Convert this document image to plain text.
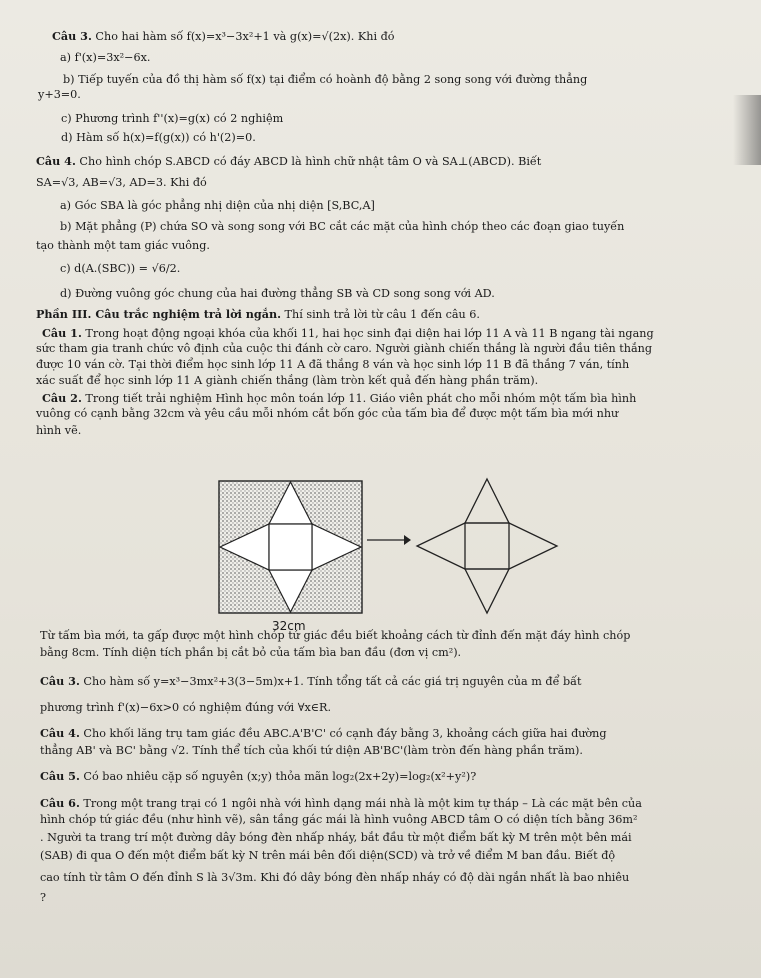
Câu 3. Cho hai hàm số f(x)=x³−3x²+1 và g(x)=√(2x). Khi đó
a) f'(x)=3x²−6x.
b) Tiếp tuyến của đồ thị hàm số f(x) tại điểm có hoành độ bằng 2 song song với đường thẳng
y+3=0.
c) Phương trình f''(x)=g(x) có 2 nghiệm
d) Hàm số h(x)=f(g(x)) có h'(2)=0.
Câu 4. Cho hình chóp S.ABCD có đáy ABCD là hình chữ nhật tâm O và SA⊥(ABCD). Biết
SA=√3, AB=√3, AD=3. Khi đó
a) Góc SBA là góc phẳng nhị diện của nhị diện [S,BC,A]
b) Mặt phẳng (P) chứa SO và song song với BC cắt các mặt của hình chóp theo các đoạn giao tuyến
tạo thành một tam giác vuông.
c) d(A.(SBC)) = √6/2.
d) Đường vuông góc chung của hai đường thẳng SB và CD song song với AD.
Phần III. Câu trắc nghiệm trả lời ngắn. Thí sinh trả lời từ câu 1 đến câu 6.
Câu 1. Trong hoạt động ngoại khóa của khối 11, hai học sinh đại diện hai lớp 11 A và 11 B ngang tài ngang
sức tham gia tranh chức vô định của cuộc thi đánh cờ caro. Người giành chiến thắng là người đầu tiên thắng
được 10 ván cờ. Tại thời điểm học sinh lớp 11 A đã thắng 8 ván và học sinh lớp 11 B đã thắng 7 ván, tính
xác suất để học sinh lớp 11 A giành chiến thắng (làm tròn kết quả đến hàng phần trăm).
Câu 2. Trong tiết trải nghiệm Hình học môn toán lớp 11. Giáo viên phát cho mỗi nhóm một tấm bìa hình
vuông có cạnh bằng 32cm và yêu cầu mỗi nhóm cắt bốn góc của tấm bìa để được một tấm bìa mới như
hình vẽ.
Từ tấm bìa mới, ta gấp được một hình chóp tứ giác đều biết khoảng cách từ đỉnh đến mặt đáy hình chóp
bằng 8cm. Tính diện tích phần bị cắt bỏ của tấm bìa ban đầu (đơn vị cm²).
Câu 3. Cho hàm số y=x³−3mx²+3(3−5m)x+1. Tính tổng tất cả các giá trị nguyên của m để bất
phương trình f'(x)−6x>0 có nghiệm đúng với ∀x∈R.
Câu 4. Cho khối lăng trụ tam giác đều ABC.A'B'C' có cạnh đáy bằng 3, khoảng cách giữa hai đường
thẳng AB' và BC' bằng √2. Tính thể tích của khối tứ diện AB'BC'(làm tròn đến hàng phần trăm).
Câu 5. Có bao nhiêu cặp số nguyên (x;y) thỏa mãn log₂(2x+2y)=log₂(x²+y²)?
Câu 6. Trong một trang trại có 1 ngôi nhà với hình dạng mái nhà là một kim tự tháp – Là các mặt bên của
hình chóp tứ giác đều (như hình vẽ), sân tầng gác mái là hình vuông ABCD tâm O có diện tích bằng 36m²
. Người ta trang trí một đường dây bóng đèn nhấp nháy, bắt đầu từ một điểm bất kỳ M trên một bên mái
(SAB) đi qua O đến một điểm bất kỳ N trên mái bên đối diện(SCD) và trở về điểm M ban đầu. Biết độ
cao tính từ tâm O đến đỉnh S là 3√3m. Khi đó dây bóng đèn nhấp nháy có độ dài ngắn nhất là bao nhiêu
?
32cm
